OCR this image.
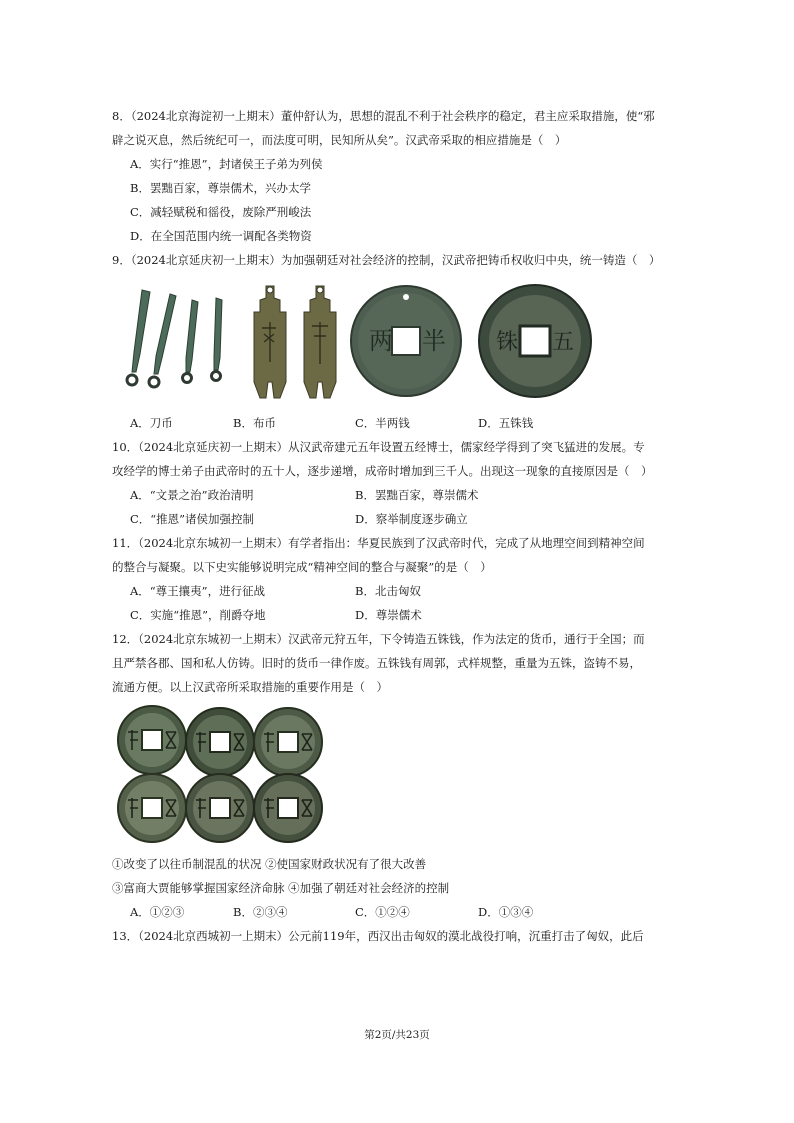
8．（2024北京海淀初一上期末）董仲舒认为，思想的混乱不利于社会秩序的稳定，君主应采取措施，使“邪
辟之说灭息，然后统纪可一，而法度可明，民知所从矣”。汉武帝采取的相应措施是（　）
A．实行“推恩”，封诸侯王子弟为列侯
B．罢黜百家，尊崇儒术，兴办太学
C．减轻赋税和徭役，废除严刑峻法
D．在全国范围内统一调配各类物资
9．（2024北京延庆初一上期末）为加强朝廷对社会经济的控制，汉武帝把铸币权收归中央，统一铸造（　）
两 半 铢 五
A．刀币	B．布币	C．半两钱	D．五铢钱
10．（2024北京延庆初一上期末）从汉武帝建元五年设置五经博士，儒家经学得到了突飞猛进的发展。专
攻经学的博士弟子由武帝时的五十人，逐步递增，成帝时增加到三千人。出现这一现象的直接原因是（　）
A．“文景之治”政治清明	B．罢黜百家，尊崇儒术
C．“推恩”诸侯加强控制	D．察举制度逐步确立
11．（2024北京东城初一上期末）有学者指出：华夏民族到了汉武帝时代，完成了从地理空间到精神空间
的整合与凝聚。以下史实能够说明完成“精神空间的整合与凝聚”的是（　）
A．“尊王攘夷”，进行征战	B．北击匈奴
C．实施“推恩”，削爵夺地	D．尊崇儒术
12．（2024北京东城初一上期末）汉武帝元狩五年，下令铸造五铢钱，作为法定的货币，通行于全国；而
且严禁各郡、国和私人仿铸。旧时的货币一律作废。五铢钱有周郭，式样规整，重量为五铢，盗铸不易，
流通方便。以上汉武帝所采取措施的重要作用是（　）
①改变了以往币制混乱的状况 ②使国家财政状况有了很大改善
③富商大贾能够掌握国家经济命脉 ④加强了朝廷对社会经济的控制
A．①②③	B．②③④	C．①②④	D．①③④
13．（2024北京西城初一上期末）公元前119年，西汉出击匈奴的漠北战役打响，沉重打击了匈奴，此后
第2页/共23页
